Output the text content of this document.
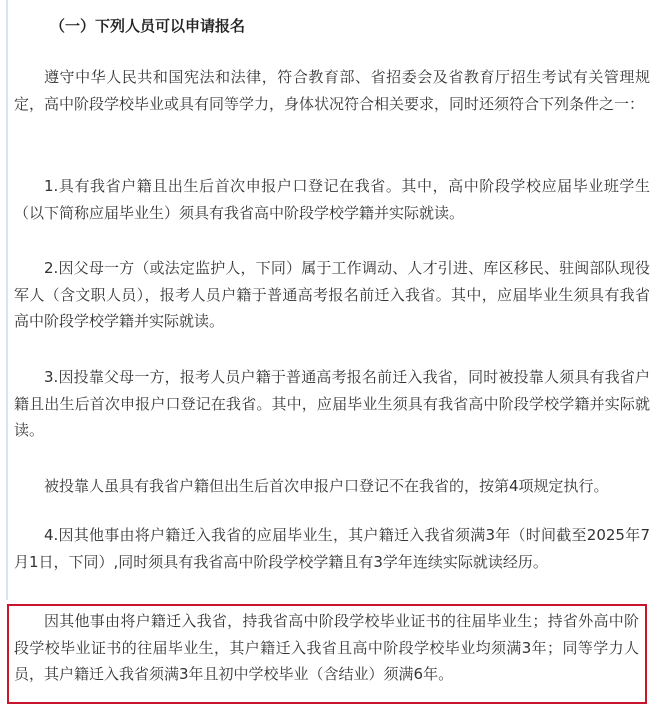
（一）下列人员可以申请报名

遵守中华人民共和国宪法和法律，符合教育部、省招委会及省教育厅招生考试有关管理规定，高中阶段学校毕业或具有同等学力，身体状况符合相关要求，同时还须符合下列条件之一：

1.具有我省户籍且出生后首次申报户口登记在我省。其中，高中阶段学校应届毕业班学生（以下简称应届毕业生）须具有我省高中阶段学校学籍并实际就读。

2.因父母一方（或法定监护人，下同）属于工作调动、人才引进、库区移民、驻闽部队现役军人（含文职人员），报考人员户籍于普通高考报名前迁入我省。其中，应届毕业生须具有我省高中阶段学校学籍并实际就读。

3.因投靠父母一方，报考人员户籍于普通高考报名前迁入我省，同时被投靠人须具有我省户籍且出生后首次申报户口登记在我省。其中，应届毕业生须具有我省高中阶段学校学籍并实际就读。

被投靠人虽具有我省户籍但出生后首次申报户口登记不在我省的，按第4项规定执行。

4.因其他事由将户籍迁入我省的应届毕业生，其户籍迁入我省须满3年（时间截至2025年7月1日，下同）,同时须具有我省高中阶段学校学籍且有3学年连续实际就读经历。

因其他事由将户籍迁入我省，持我省高中阶段学校毕业证书的往届毕业生；持省外高中阶段学校毕业证书的往届毕业生，其户籍迁入我省且高中阶段学校毕业均须满3年；同等学力人员，其户籍迁入我省须满3年且初中学校毕业（含结业）须满6年。
